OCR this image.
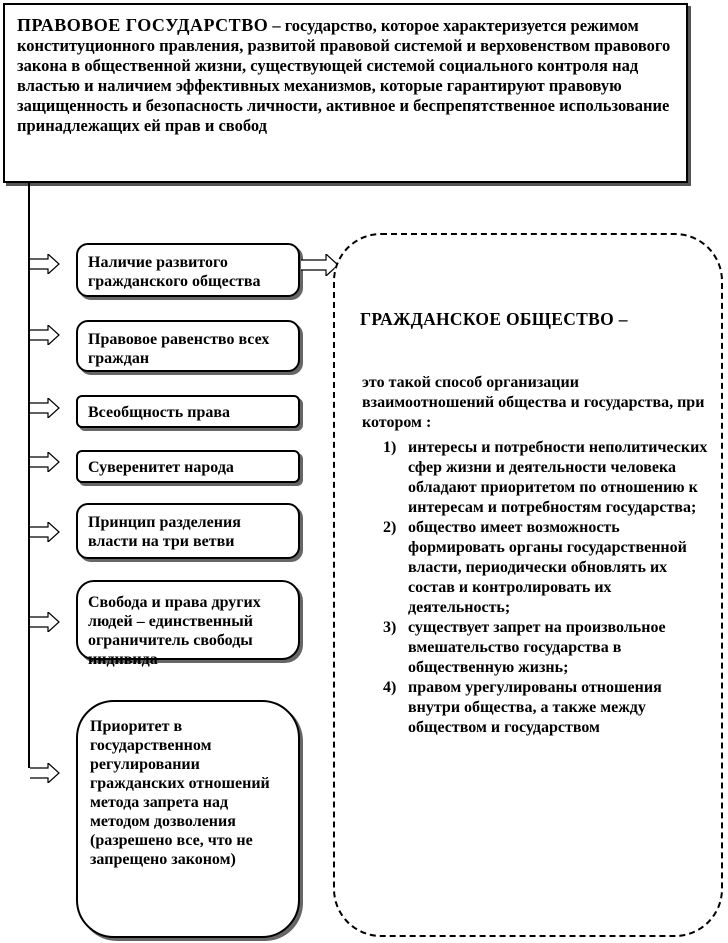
ПРАВОВОЕ ГОСУДАРСТВО – государство, которое характеризуется режимом конституционного правления, развитой правовой системой и верховенством правового закона в общественной жизни, существующей системой социального контроля над властью и наличием эффективных механизмов, которые гарантируют правовую защищенность и безопасность личности, активное и беспрепятственное использование принадлежащих ей прав и свобод
Наличие развитого гражданского общества
Правовое равенство всех граждан
Всеобщность права
Суверенитет народа
Принцип разделения власти на три ветви
Свобода и права других людей – единственный ограничитель свободы индивида
Приоритет в государственном регулировании гражданских отношений метода запрета над методом дозволения (разрешено все, что не запрещено законом)
ГРАЖДАНСКОЕ ОБЩЕСТВО –
это такой способ организации взаимоотношений общества и государства, при котором :
1) интересы и потребности неполитических сфер жизни и деятельности человека обладают приоритетом по отношению к интересам и потребностям государства;
2) общество имеет возможность формировать органы государственной власти, периодически обновлять их состав и контролировать их деятельность;
3) существует запрет на произвольное вмешательство государства в общественную жизнь;
4) правом урегулированы отношения внутри общества, а также между обществом и государством
